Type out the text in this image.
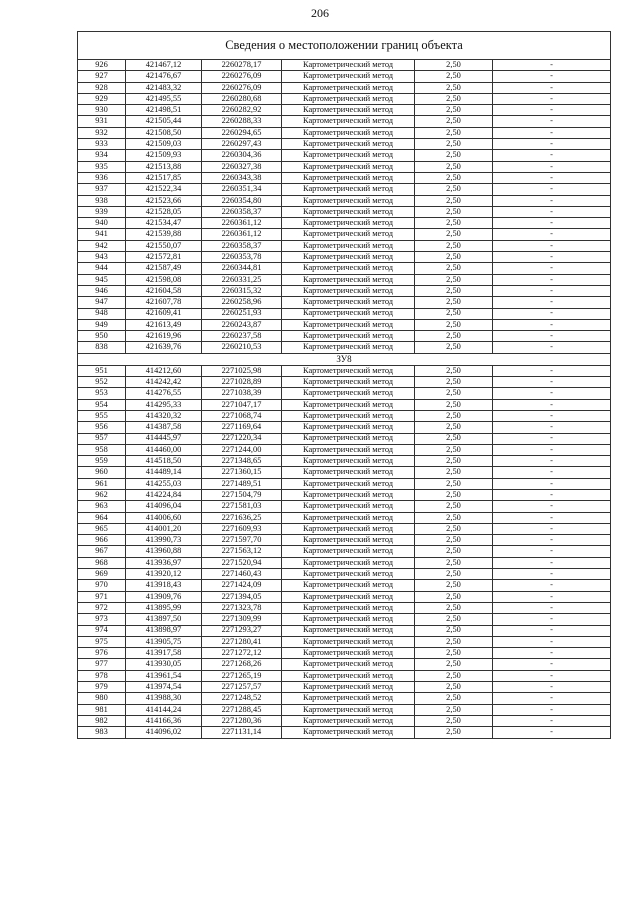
206
Сведения о местоположении границ объекта					
926	421467,12	2260278,17	Картометрический метод	2,50	-
927	421476,67	2260276,09	Картометрический метод	2,50	-
928	421483,32	2260276,09	Картометрический метод	2,50	-
929	421495,55	2260280,68	Картометрический метод	2,50	-
930	421498,51	2260282,92	Картометрический метод	2,50	-
931	421505,44	2260288,33	Картометрический метод	2,50	-
932	421508,50	2260294,65	Картометрический метод	2,50	-
933	421509,03	2260297,43	Картометрический метод	2,50	-
934	421509,93	2260304,36	Картометрический метод	2,50	-
935	421513,88	2260327,38	Картометрический метод	2,50	-
936	421517,85	2260343,38	Картометрический метод	2,50	-
937	421522,34	2260351,34	Картометрический метод	2,50	-
938	421523,66	2260354,80	Картометрический метод	2,50	-
939	421528,05	2260358,37	Картометрический метод	2,50	-
940	421534,47	2260361,12	Картометрический метод	2,50	-
941	421539,88	2260361,12	Картометрический метод	2,50	-
942	421550,07	2260358,37	Картометрический метод	2,50	-
943	421572,81	2260353,78	Картометрический метод	2,50	-
944	421587,49	2260344,81	Картометрический метод	2,50	-
945	421598,08	2260331,25	Картометрический метод	2,50	-
946	421604,58	2260315,32	Картометрический метод	2,50	-
947	421607,78	2260258,96	Картометрический метод	2,50	-
948	421609,41	2260251,93	Картометрический метод	2,50	-
949	421613,49	2260243,87	Картометрический метод	2,50	-
950	421619,96	2260237,58	Картометрический метод	2,50	-
838	421639,76	2260210,53	Картометрический метод	2,50	-
ЗУ8					
951	414212,60	2271025,98	Картометрический метод	2,50	-
952	414242,42	2271028,89	Картометрический метод	2,50	-
953	414276,55	2271038,39	Картометрический метод	2,50	-
954	414295,33	2271047,17	Картометрический метод	2,50	-
955	414320,32	2271068,74	Картометрический метод	2,50	-
956	414387,58	2271169,64	Картометрический метод	2,50	-
957	414445,97	2271220,34	Картометрический метод	2,50	-
958	414460,00	2271244,00	Картометрический метод	2,50	-
959	414518,50	2271348,65	Картометрический метод	2,50	-
960	414489,14	2271360,15	Картометрический метод	2,50	-
961	414255,03	2271489,51	Картометрический метод	2,50	-
962	414224,84	2271504,79	Картометрический метод	2,50	-
963	414096,04	2271581,03	Картометрический метод	2,50	-
964	414006,60	2271636,25	Картометрический метод	2,50	-
965	414001,20	2271609,93	Картометрический метод	2,50	-
966	413990,73	2271597,70	Картометрический метод	2,50	-
967	413960,88	2271563,12	Картометрический метод	2,50	-
968	413936,97	2271520,94	Картометрический метод	2,50	-
969	413920,12	2271460,43	Картометрический метод	2,50	-
970	413918,43	2271424,09	Картометрический метод	2,50	-
971	413909,76	2271394,05	Картометрический метод	2,50	-
972	413895,99	2271323,78	Картометрический метод	2,50	-
973	413897,50	2271309,99	Картометрический метод	2,50	-
974	413898,97	2271293,27	Картометрический метод	2,50	-
975	413905,75	2271280,41	Картометрический метод	2,50	-
976	413917,58	2271272,12	Картометрический метод	2,50	-
977	413930,05	2271268,26	Картометрический метод	2,50	-
978	413961,54	2271265,19	Картометрический метод	2,50	-
979	413974,54	2271257,57	Картометрический метод	2,50	-
980	413988,30	2271248,52	Картометрический метод	2,50	-
981	414144,24	2271288,45	Картометрический метод	2,50	-
982	414166,36	2271280,36	Картометрический метод	2,50	-
983	414096,02	2271131,14	Картометрический метод	2,50	-
